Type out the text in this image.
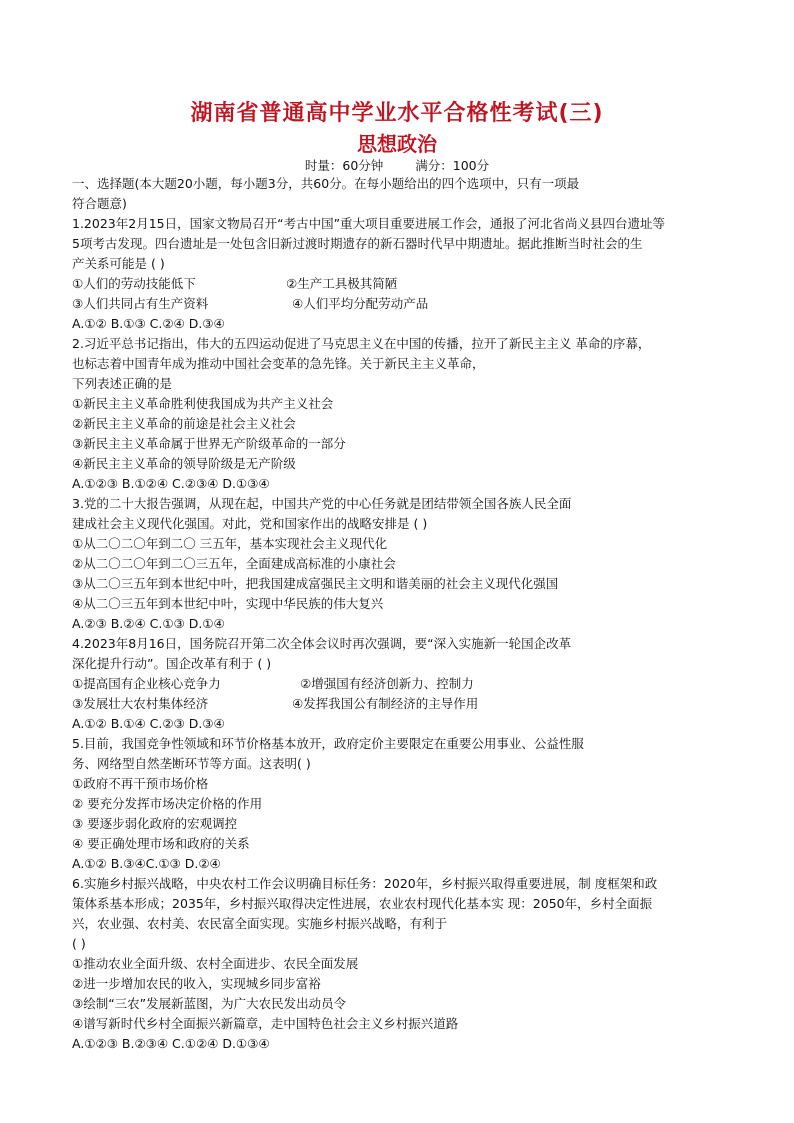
湖南省普通高中学业水平合格性考试(三)
思想政治
时量：60分钟	满分：100分
一、选择题(本大题20小题，每小题3分，共60分。在每小题给出的四个选项中，只有一项最
符合题意)
1.2023年2月15日，国家文物局召开“考古中国”重大项目重要进展工作会，通报了河北省尚义县四台遗址等
5项考古发现。四台遗址是一处包含旧新过渡时期遗存的新石器时代早中期遗址。据此推断当时社会的生
产关系可能是 ( )
①人们的劳动技能低下	②生产工具极其简陋
③人们共同占有生产资料	④人们平均分配劳动产品
A.①② B.①③ C.②④ D.③④
2.习近平总书记指出，伟大的五四运动促进了马克思主义在中国的传播，拉开了新民主主义 革命的序幕，
也标志着中国青年成为推动中国社会变革的急先锋。关于新民主主义革命，
下列表述正确的是
①新民主主义革命胜利使我国成为共产主义社会
②新民主主义革命的前途是社会主义社会
③新民主主义革命属于世界无产阶级革命的一部分
④新民主主义革命的领导阶级是无产阶级
A.①②③ B.①②④ C.②③④ D.①③④
3.党的二十大报告强调，从现在起，中国共产党的中心任务就是团结带领全国各族人民全面
建成社会主义现代化强国。对此，党和国家作出的战略安排是 ( )
①从二〇二〇年到二〇 三五年，基本实现社会主义现代化
②从二〇二〇年到二〇三五年，全面建成高标准的小康社会
③从二〇三五年到本世纪中叶，把我国建成富强民主文明和谐美丽的社会主义现代化强国
④从二〇三五年到本世纪中叶，实现中华民族的伟大复兴
A.②③ B.②④ C.①③ D.①④
4.2023年8月16日，国务院召开第二次全体会议时再次强调，要“深入实施新一轮国企改革
深化提升行动”。国企改革有利于 ( )
①提高国有企业核心竞争力	②增强国有经济创新力、控制力
③发展壮大农村集体经济	④发挥我国公有制经济的主导作用
A.①② B.①④ C.②③ D.③④
5.目前，我国竞争性领域和环节价格基本放开，政府定价主要限定在重要公用事业、公益性服
务、网络型自然垄断环节等方面。这表明( )
①政府不再干预市场价格
② 要充分发挥市场决定价格的作用
③ 要逐步弱化政府的宏观调控
④ 要正确处理市场和政府的关系
A.①② B.③④C.①③ D.②④
6.实施乡村振兴战略，中央农村工作会议明确目标任务：2020年，乡村振兴取得重要进展，制 度框架和政
策体系基本形成；2035年，乡村振兴取得决定性进展，农业农村现代化基本实 现：2050年，乡村全面振
兴，农业强、农村美、农民富全面实现。实施乡村振兴战略，有利于
( )
①推动农业全面升级、农村全面进步、农民全面发展
②进一步增加农民的收入，实现城乡同步富裕
③绘制“三农”发展新蓝图，为广大农民发出动员令
④谱写新时代乡村全面振兴新篇章，走中国特色社会主义乡村振兴道路
A.①②③ B.②③④ C.①②④ D.①③④
